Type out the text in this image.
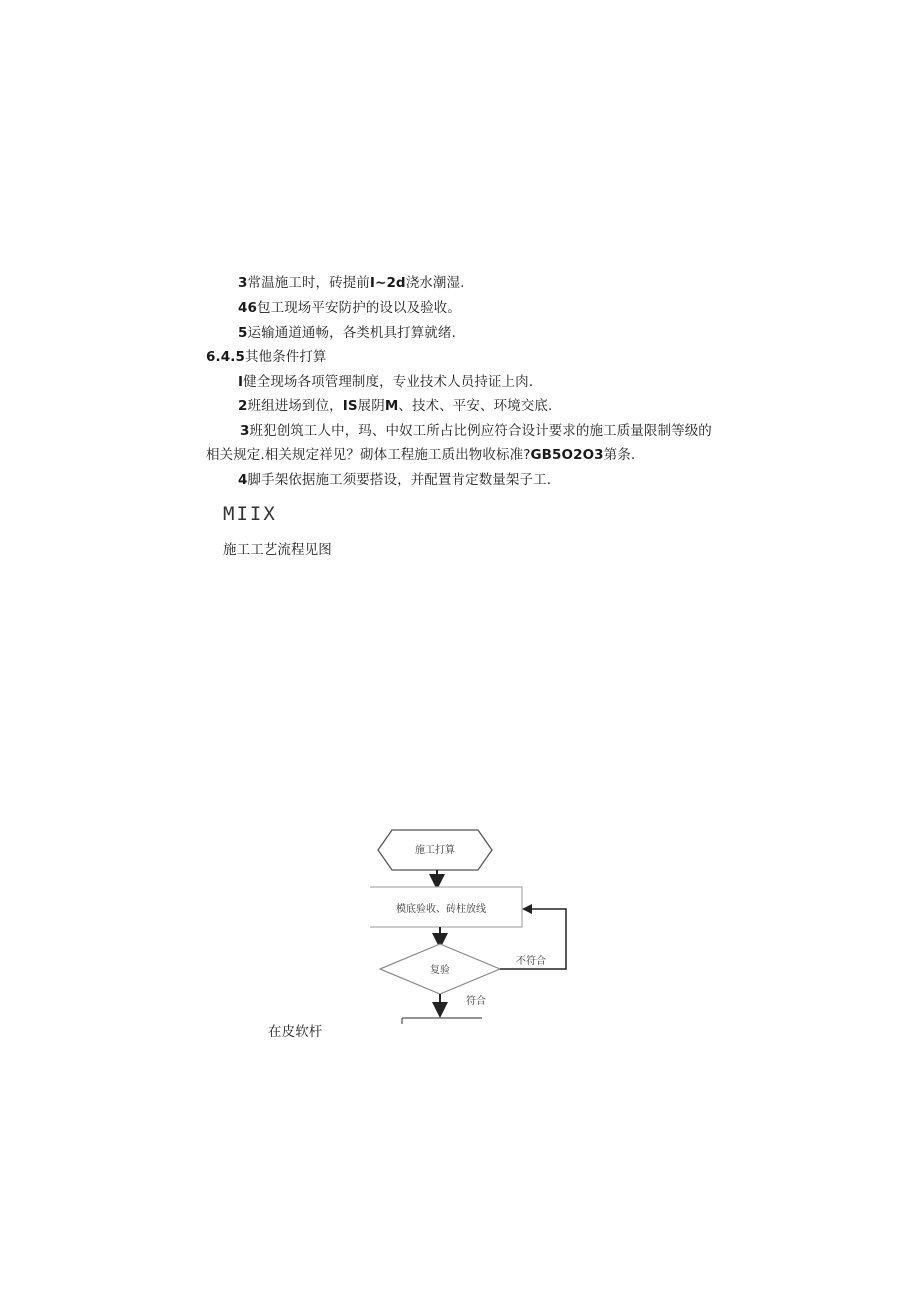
3常温施工时，砖提前I~2d浇水潮湿.
46包工现场平安防护的设以及验收。
5运输通道通畅，各类机具打算就绪.
6.4.5其他条件打算
I健全现场各项管理制度，专业技术人员持证上肉.
2班组进场到位，IS展阴M、技术、平安、环境交底.
3班犯创筑工人中，玛、中奴工所占比例应符合设计要求的施工质量限制等级的
相关规定.相关规定祥见？砌体工程施工质出物收标准?GB5O2O3第条.
4脚手架依据施工须要搭设，并配置肯定数量架子工.
MIIX
施工工艺流程见图
施工打算
模底验收、砖柱放线
复验
不符合
符合
在皮软杆
